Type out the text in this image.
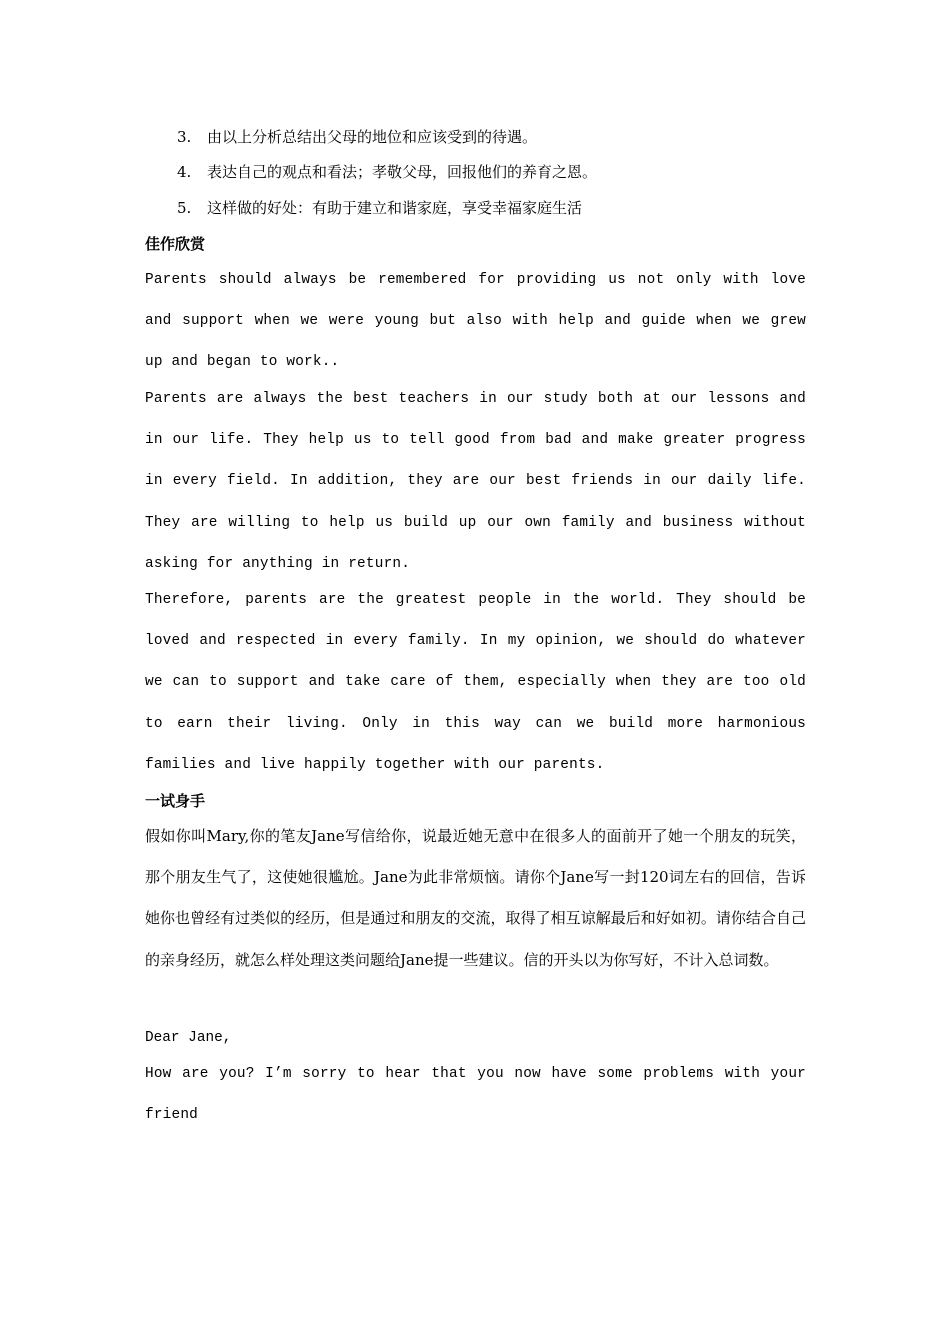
3. 由以上分析总结出父母的地位和应该受到的待遇。
4. 表达自己的观点和看法；孝敬父母，回报他们的养育之恩。
5. 这样做的好处：有助于建立和谐家庭，享受幸福家庭生活
佳作欣赏
Parents should always be remembered for providing us not only with love and support when we were young but also with help and guide when we grew up and began to work..
Parents are always the best teachers in our study both at our lessons and in our life. They help us to tell good from bad and make greater progress in every field. In addition, they are our best friends in our daily life. They are willing to help us build up our own family and business without asking for anything in return.
Therefore, parents are the greatest people in the world. They should be loved and respected in every family. In my opinion, we should do whatever we can to support and take care of them, especially when they are too old to earn their living. Only in this way can we build more harmonious families and live happily together with our parents.
一试身手
假如你叫Mary,你的笔友Jane写信给你，说最近她无意中在很多人的面前开了她一个朋友的玩笑，那个朋友生气了，这使她很尴尬。Jane为此非常烦恼。请你个Jane写一封120词左右的回信，告诉她你也曾经有过类似的经历，但是通过和朋友的交流，取得了相互谅解最后和好如初。请你结合自己的亲身经历，就怎么样处理这类问题给Jane提一些建议。信的开头以为你写好，不计入总词数。
Dear Jane,
How are you? I’m sorry to hear that you now have some problems with your friend
